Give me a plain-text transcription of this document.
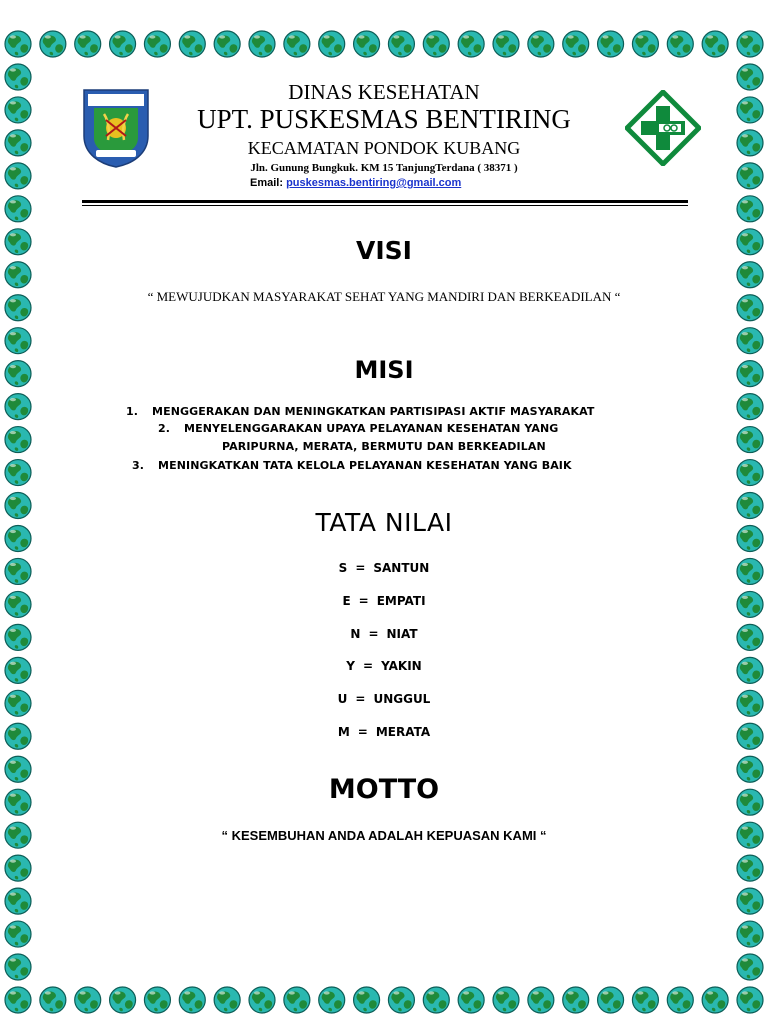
DINAS KESEHATAN
UPT. PUSKESMAS BENTIRING
KECAMATAN PONDOK KUBANG
Jln. Gunung Bungkuk. KM 15 TanjungTerdana ( 38371 )
Email: puskesmas.bentiring@gmail.com
VISI
“ MEWUJUDKAN MASYARAKAT SEHAT YANG MANDIRI DAN BERKEADILAN “
MISI
1. MENGGERAKAN DAN MENINGKATKAN PARTISIPASI AKTIF MASYARAKAT
2. MENYELENGGARAKAN UPAYA PELAYANAN KESEHATAN YANG
PARIPURNA, MERATA, BERMUTU DAN BERKEADILAN
3. MENINGKATKAN TATA KELOLA PELAYANAN KESEHATAN YANG BAIK
TATA NILAI
S = SANTUN
E = EMPATI
N = NIAT
Y = YAKIN
U = UNGGUL
M = MERATA
MOTTO
“ KESEMBUHAN ANDA ADALAH KEPUASAN KAMI “
